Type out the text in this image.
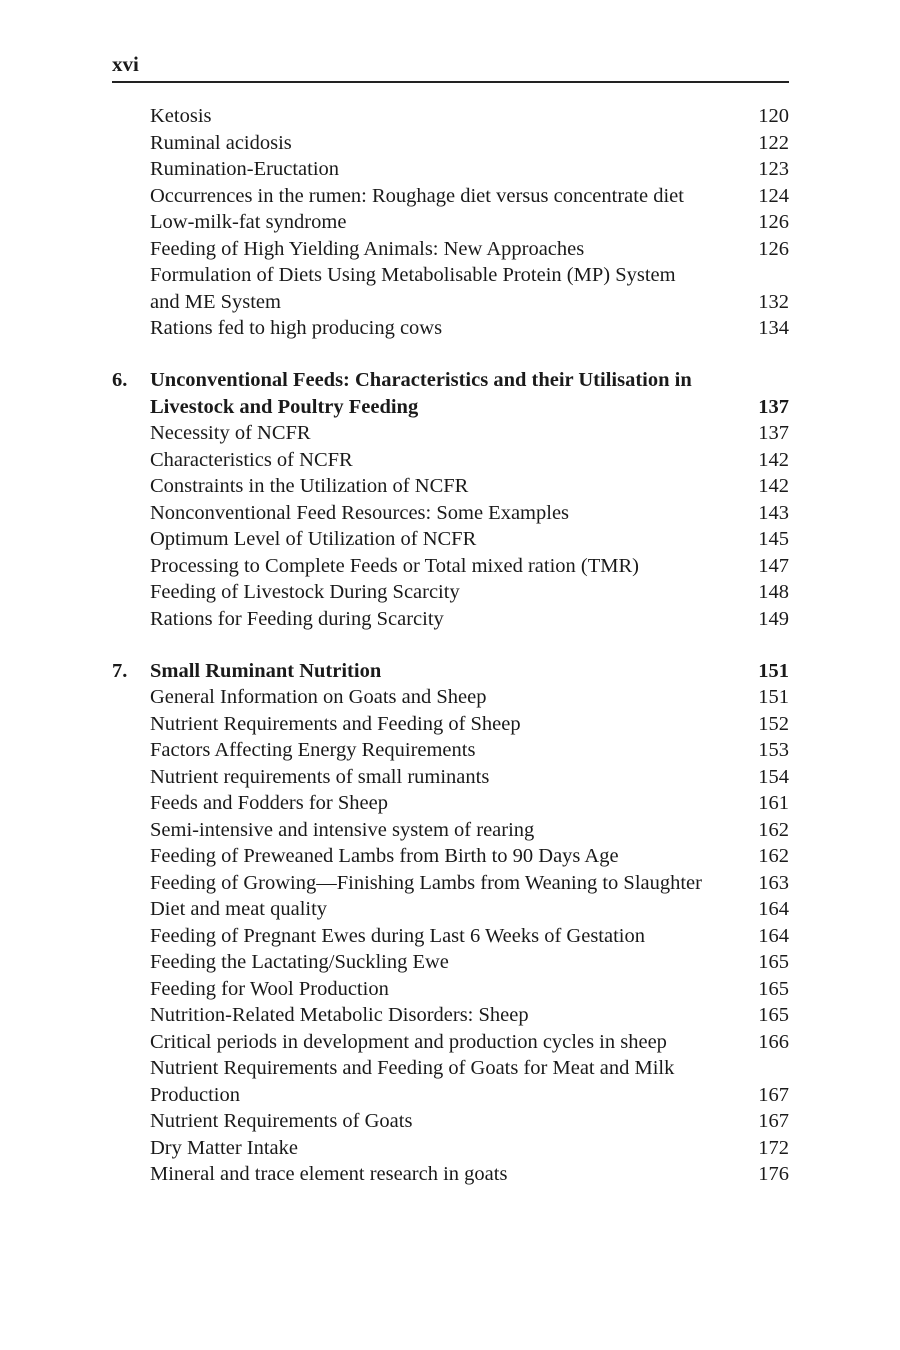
xvi
Ketosis	120
Ruminal acidosis	122
Rumination-Eructation	123
Occurrences in the rumen: Roughage diet versus concentrate diet	124
Low-milk-fat syndrome	126
Feeding of High Yielding Animals: New Approaches	126
Formulation of Diets Using Metabolisable Protein (MP) System
and ME System	132
Rations fed to high producing cows	134
6. Unconventional Feeds: Characteristics and their Utilisation in
Livestock and Poultry Feeding	137
Necessity of NCFR	137
Characteristics of NCFR	142
Constraints in the Utilization of NCFR	142
Nonconventional Feed Resources: Some Examples	143
Optimum Level of Utilization of NCFR	145
Processing to Complete Feeds or Total mixed ration (TMR)	147
Feeding of Livestock During Scarcity	148
Rations for Feeding during Scarcity	149
7. Small Ruminant Nutrition	151
General Information on Goats and Sheep	151
Nutrient Requirements and Feeding of Sheep	152
Factors Affecting Energy Requirements	153
Nutrient requirements of small ruminants	154
Feeds and Fodders for Sheep	161
Semi-intensive and intensive system of rearing	162
Feeding of Preweaned Lambs from Birth to 90 Days Age	162
Feeding of Growing—Finishing Lambs from Weaning to Slaughter	163
Diet and meat quality	164
Feeding of Pregnant Ewes during Last 6 Weeks of Gestation	164
Feeding the Lactating/Suckling Ewe	165
Feeding for Wool Production	165
Nutrition-Related Metabolic Disorders: Sheep	165
Critical periods in development and production cycles in sheep	166
Nutrient Requirements and Feeding of Goats for Meat and Milk
Production	167
Nutrient Requirements of Goats	167
Dry Matter Intake	172
Mineral and trace element research in goats	176
